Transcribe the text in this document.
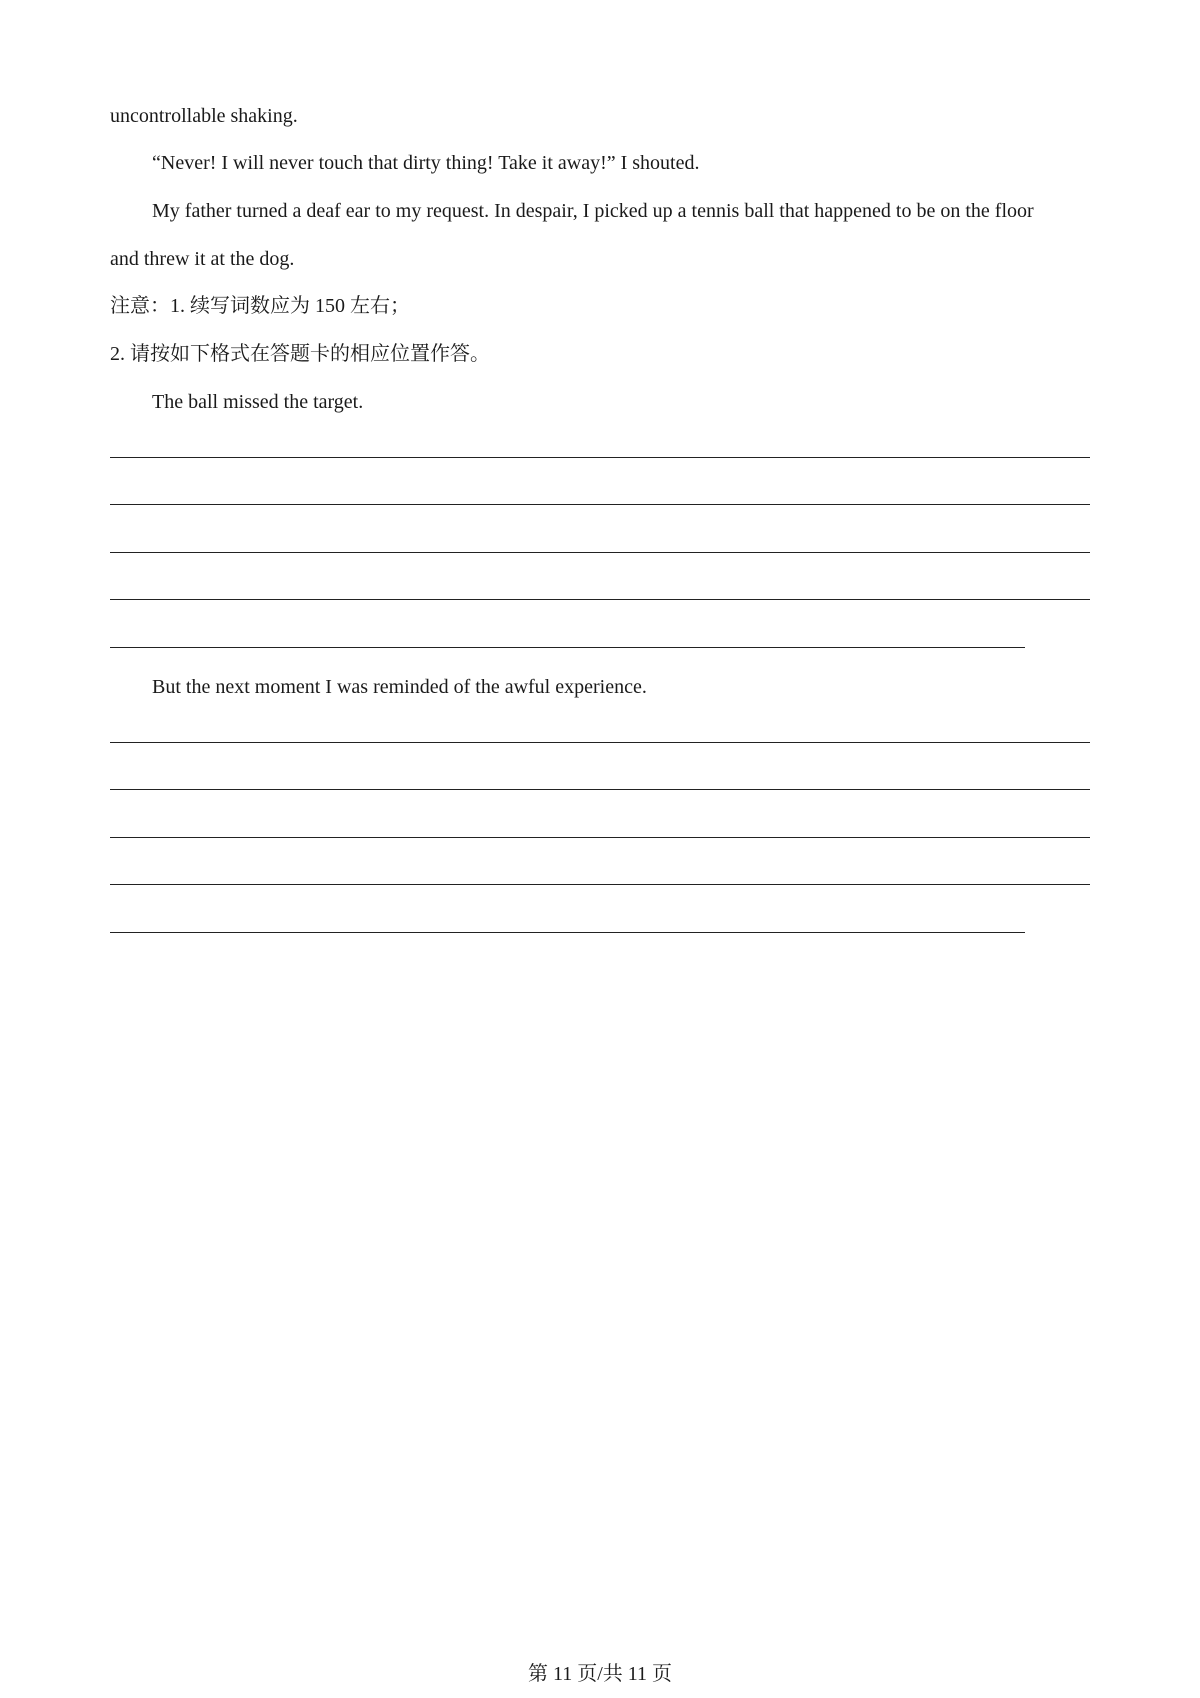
uncontrollable shaking.
“Never! I will never touch that dirty thing! Take it away!” I shouted.
My father turned a deaf ear to my request. In despair, I picked up a tennis ball that happened to be on the floor
and threw it at the dog.
注意：1. 续写词数应为 150 左右；
2. 请按如下格式在答题卡的相应位置作答。
The ball missed the target.
But the next moment I was reminded of the awful experience.
第 11 页/共 11 页
